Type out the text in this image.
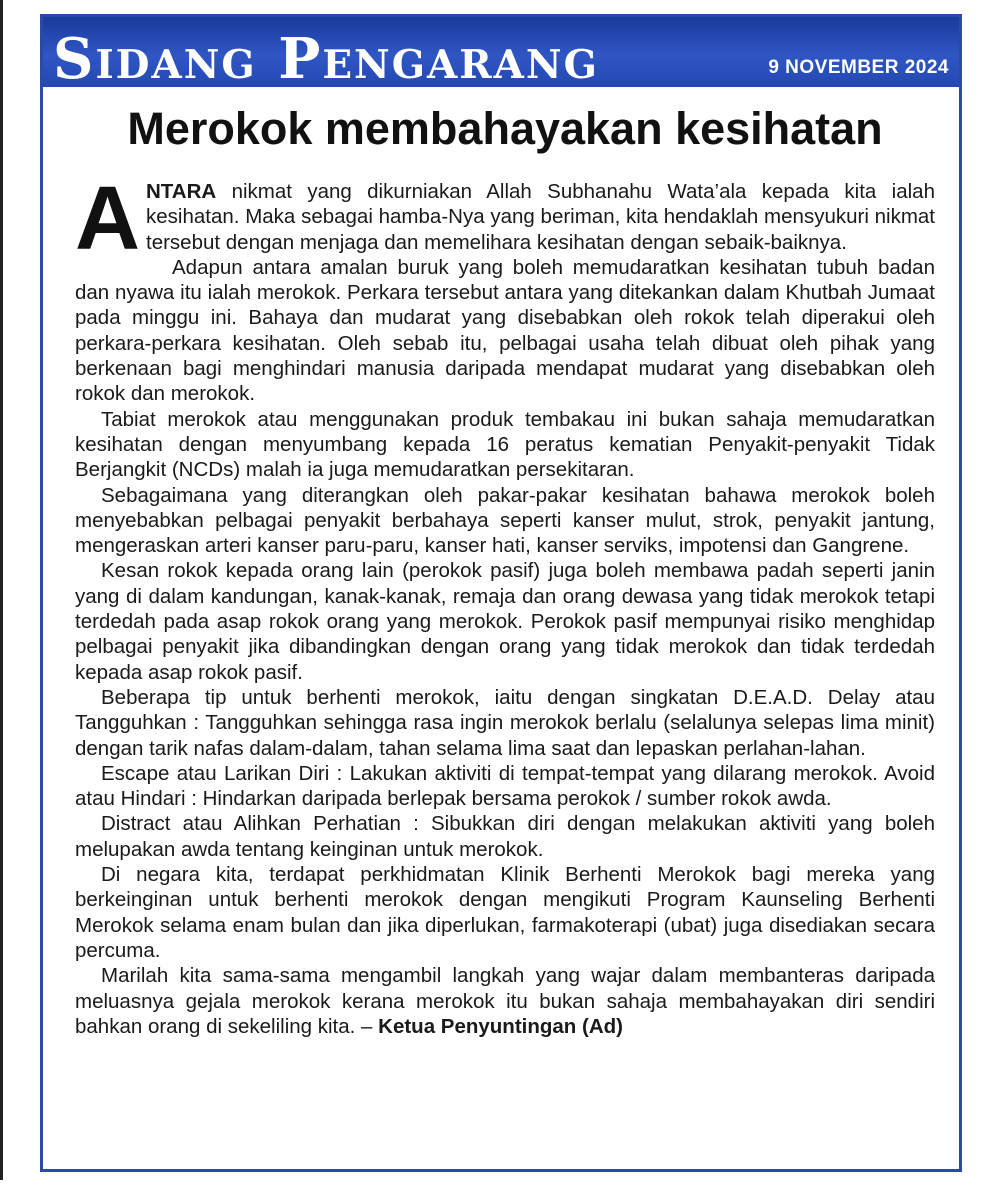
Sidang Pengarang	9 NOVEMBER 2024
Merokok membahayakan kesihatan

ANTARA nikmat yang dikurniakan Allah Subhanahu Wata’ala kepada kita ialah kesihatan. Maka sebagai hamba-Nya yang beriman, kita hendaklah mensyukuri nikmat tersebut dengan menjaga dan memelihara kesihatan dengan sebaik-baiknya.

Adapun antara amalan buruk yang boleh memudaratkan kesihatan tubuh badan dan nyawa itu ialah merokok. Perkara tersebut antara yang ditekankan dalam Khutbah Jumaat pada minggu ini. Bahaya dan mudarat yang disebabkan oleh rokok telah diperakui oleh perkara-perkara kesihatan. Oleh sebab itu, pelbagai usaha telah dibuat oleh pihak yang berkenaan bagi menghindari manusia daripada mendapat mudarat yang disebabkan oleh rokok dan merokok.

Tabiat merokok atau menggunakan produk tembakau ini bukan sahaja memudaratkan kesihatan dengan menyumbang kepada 16 peratus kematian Penyakit-penyakit Tidak Berjangkit (NCDs) malah ia juga memudaratkan persekitaran.

Sebagaimana yang diterangkan oleh pakar-pakar kesihatan bahawa merokok boleh menyebabkan pelbagai penyakit berbahaya seperti kanser mulut, strok, penyakit jantung, mengeraskan arteri kanser paru-paru, kanser hati, kanser serviks, impotensi dan Gangrene.

Kesan rokok kepada orang lain (perokok pasif) juga boleh membawa padah seperti janin yang di dalam kandungan, kanak-kanak, remaja dan orang dewasa yang tidak merokok tetapi terdedah pada asap rokok orang yang merokok. Perokok pasif mempunyai risiko menghidap pelbagai penyakit jika dibandingkan dengan orang yang tidak merokok dan tidak terdedah kepada asap rokok pasif.

Beberapa tip untuk berhenti merokok, iaitu dengan singkatan D.E.A.D. Delay atau Tangguhkan : Tangguhkan sehingga rasa ingin merokok berlalu (selalunya selepas lima minit) dengan tarik nafas dalam-dalam, tahan selama lima saat dan lepaskan perlahan-lahan.

Escape atau Larikan Diri : Lakukan aktiviti di tempat-tempat yang dilarang merokok. Avoid atau Hindari : Hindarkan daripada berlepak bersama perokok / sumber rokok awda.

Distract atau Alihkan Perhatian : Sibukkan diri dengan melakukan aktiviti yang boleh melupakan awda tentang keinginan untuk merokok.

Di negara kita, terdapat perkhidmatan Klinik Berhenti Merokok bagi mereka yang berkeinginan untuk berhenti merokok dengan mengikuti Program Kaunseling Berhenti Merokok selama enam bulan dan jika diperlukan, farmakoterapi (ubat) juga disediakan secara percuma.

Marilah kita sama-sama mengambil langkah yang wajar dalam membanteras daripada meluasnya gejala merokok kerana merokok itu bukan sahaja membahayakan diri sendiri bahkan orang di sekeliling kita. – Ketua Penyuntingan (Ad)
